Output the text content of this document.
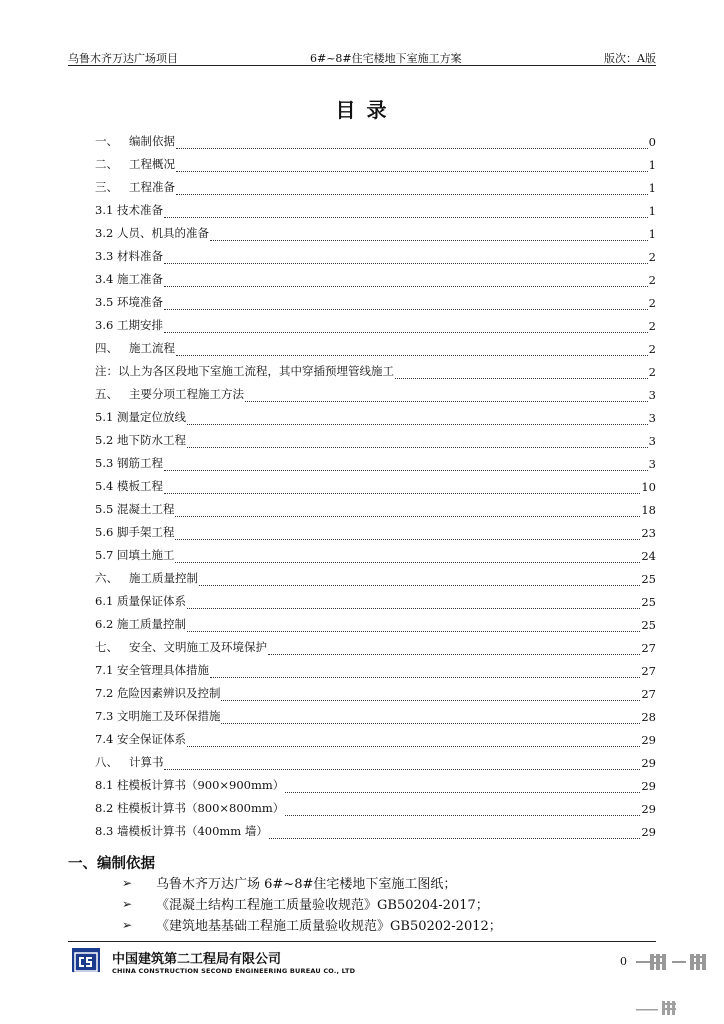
乌鲁木齐万达广场项目	6#~8#住宅楼地下室施工方案	版次：A版
目 录
一、   编制依据	0
二、   工程概况	1
三、   工程准备	1
3.1 技术准备	1
3.2 人员、机具的准备	1
3.3 材料准备	2
3.4 施工准备	2
3.5 环境准备	2
3.6 工期安排	2
四、   施工流程	2
注：以上为各区段地下室施工流程，其中穿插预埋管线施工	2
五、   主要分项工程施工方法	3
5.1 测量定位放线	3
5.2 地下防水工程	3
5.3 钢筋工程	3
5.4 模板工程	10
5.5 混凝土工程	18
5.6 脚手架工程	23
5.7 回填土施工	24
六、   施工质量控制	25
6.1 质量保证体系	25
6.2 施工质量控制	25
七、   安全、文明施工及环境保护	27
7.1 安全管理具体措施	27
7.2 危险因素辨识及控制	27
7.3 文明施工及环保措施	28
7.4 安全保证体系	29
八、   计算书	29
8.1 柱模板计算书（900×900mm）	29
8.2 柱模板计算书（800×800mm）	29
8.3 墙模板计算书（400mm 墙）	29
一、编制依据
➢	乌鲁木齐万达广场 6#~8#住宅楼地下室施工图纸；
➢	《混凝土结构工程施工质量验收规范》GB50204-2017；
➢	《建筑地基基础工程施工质量验收规范》GB50202-2012；
中国建筑第二工程局有限公司
CHINA CONSTRUCTION SECOND ENGINEERING BUREAU CO., LTD
0
